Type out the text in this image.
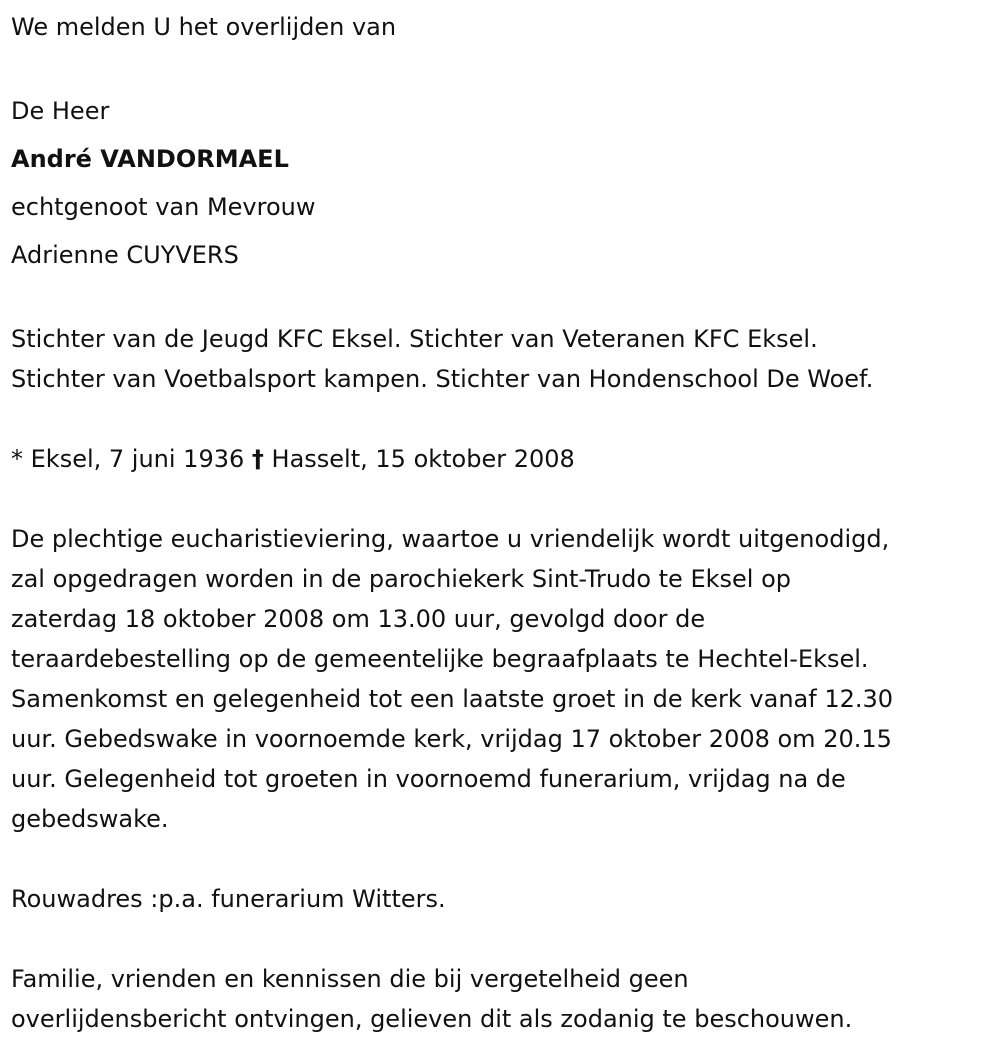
We melden U het overlijden van

De Heer

André VANDORMAEL

echtgenoot van Mevrouw

Adrienne CUYVERS

Stichter van de Jeugd KFC Eksel. Stichter van Veteranen KFC Eksel.

Stichter van Voetbalsport kampen. Stichter van Hondenschool De Woef.

* Eksel, 7 juni 1936 † Hasselt, 15 oktober 2008

De plechtige eucharistieviering, waartoe u vriendelijk wordt uitgenodigd,

zal opgedragen worden in de parochiekerk Sint-Trudo te Eksel op

zaterdag 18 oktober 2008 om 13.00 uur, gevolgd door de

teraardebestelling op de gemeentelijke begraafplaats te Hechtel-Eksel.

Samenkomst en gelegenheid tot een laatste groet in de kerk vanaf 12.30

uur. Gebedswake in voornoemde kerk, vrijdag 17 oktober 2008 om 20.15

uur. Gelegenheid tot groeten in voornoemd funerarium, vrijdag na de

gebedswake.

Rouwadres :p.a. funerarium Witters.

Familie, vrienden en kennissen die bij vergetelheid geen

overlijdensbericht ontvingen, gelieven dit als zodanig te beschouwen.
